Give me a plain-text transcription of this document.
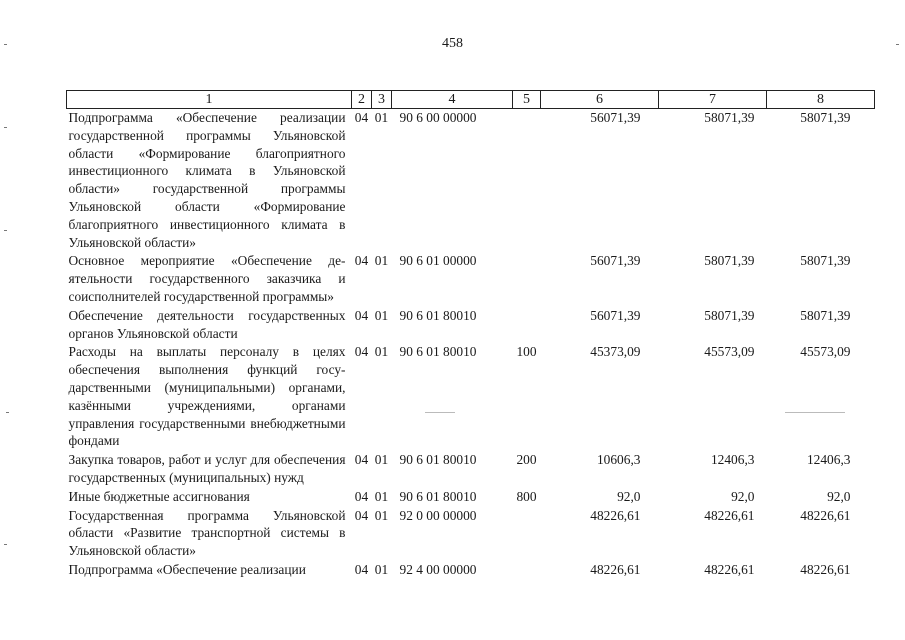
458
1	2	3	4	5	6	7	8
Подпрограмма «Обеспечение реализации государственной программы Ульяновской области «Формирование благоприятного инвестиционного климата в Ульяновской области» государственной программы Ульяновской области «Формирование благоприятного инвестиционного климата в Ульяновской области»	04	01	90 6 00 00000		56071,39	58071,39	58071,39
Основное мероприятие «Обеспечение деятельности государственного заказчика и соисполнителей государственной программы»	04	01	90 6 01 00000		56071,39	58071,39	58071,39
Обеспечение деятельности государственных органов Ульяновской области	04	01	90 6 01 80010		56071,39	58071,39	58071,39
Расходы на выплаты персоналу в целях обеспечения выполнения функций государственными (муниципальными) органами, казёнными учреждениями, органами управления государственными внебюджетными фондами	04	01	90 6 01 80010	100	45373,09	45573,09	45573,09
Закупка товаров, работ и услуг для обеспечения государственных (муниципальных) нужд	04	01	90 6 01 80010	200	10606,3	12406,3	12406,3
Иные бюджетные ассигнования	04	01	90 6 01 80010	800	92,0	92,0	92,0
Государственная программа Ульяновской области «Развитие транспортной системы в Ульяновской области»	04	01	92 0 00 00000		48226,61	48226,61	48226,61
Подпрограмма «Обеспечение реализации	04	01	92 4 00 00000		48226,61	48226,61	48226,61
